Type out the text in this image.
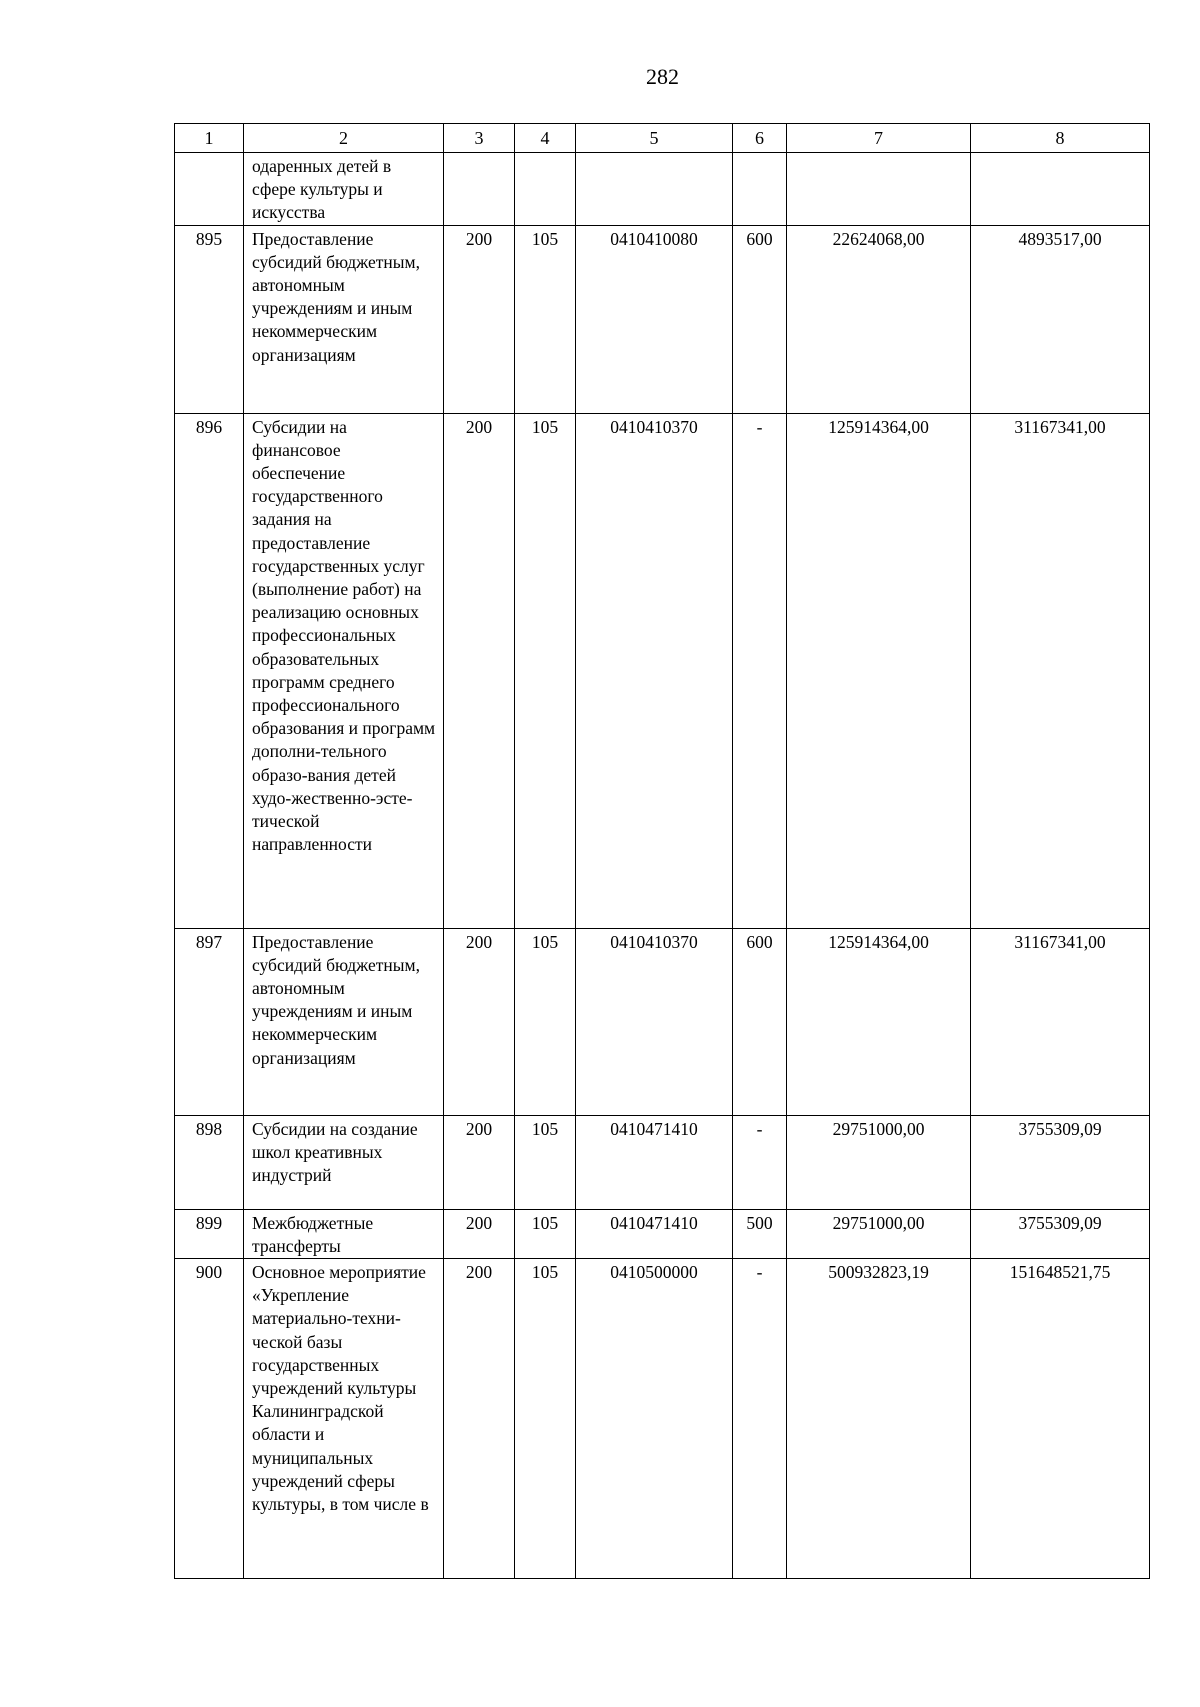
282
1	2	3	4	5	6	7	8
	одаренных детей в сфере культуры и искусства						
895	Предоставление субсидий бюджетным, автономным учреждениям и иным некоммерческим организациям	200	105	0410410080	600	22624068,00	4893517,00
896	Субсидии на финансовое обеспечение государственного задания на предоставление государственных услуг (выполнение работ) на реализацию основных профессиональных образовательных программ среднего профессионального образования и программ дополни-тельного образо-вания детей худо-жественно-эсте-тической направленности	200	105	0410410370	-	125914364,00	31167341,00
897	Предоставление субсидий бюджетным, автономным учреждениям и иным некоммерческим организациям	200	105	0410410370	600	125914364,00	31167341,00
898	Субсидии на создание школ креативных индустрий	200	105	0410471410	-	29751000,00	3755309,09
899	Межбюджетные трансферты	200	105	0410471410	500	29751000,00	3755309,09
900	Основное мероприятие «Укрепление материально-техни-ческой базы государственных учреждений культуры Калининградской области и муниципальных учреждений сферы культуры, в том числе в	200	105	0410500000	-	500932823,19	151648521,75
